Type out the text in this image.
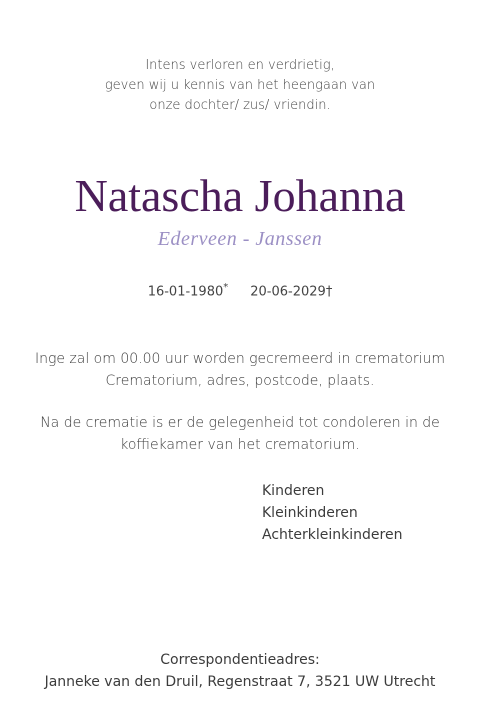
Intens verloren en verdrietig,
geven wij u kennis van het heengaan van
onze dochter/ zus/ vriendin.
Natascha Johanna
Ederveen - Janssen
16-01-1980* 20-06-2029†
Inge zal om 00.00 uur worden gecremeerd in crematorium
Crematorium, adres, postcode, plaats.
Na de crematie is er de gelegenheid tot condoleren in de
koffiekamer van het crematorium.
Kinderen
Kleinkinderen
Achterkleinkinderen
Correspondentieadres:
Janneke van den Druil, Regenstraat 7, 3521 UW Utrecht
